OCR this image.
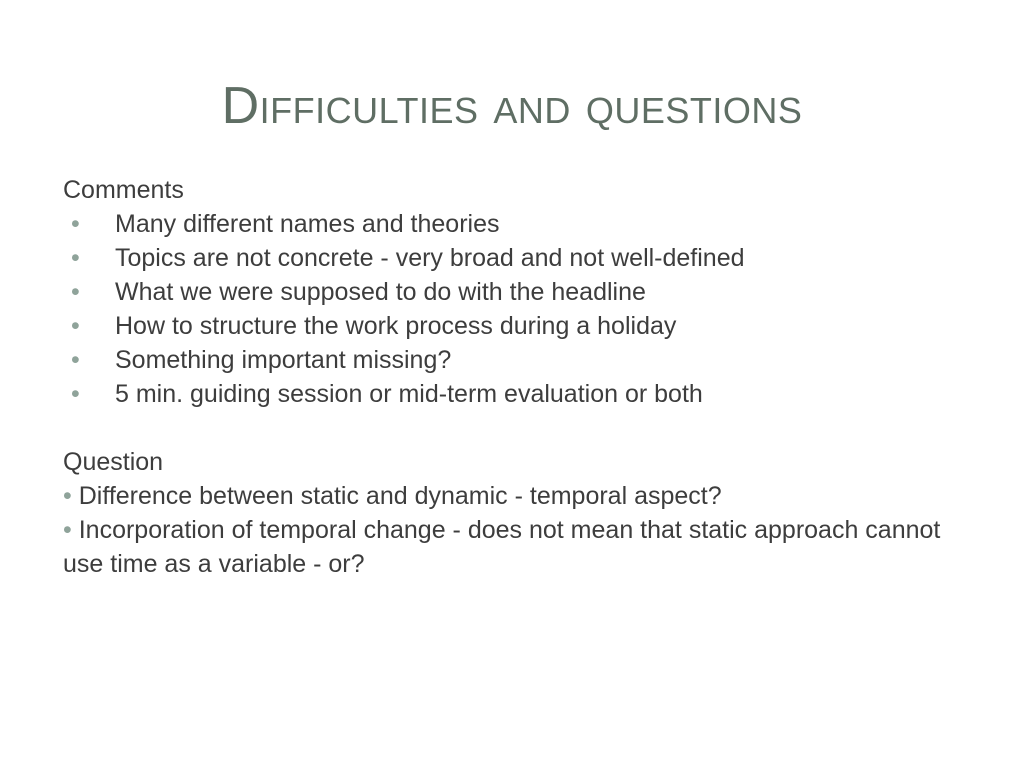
Difficulties and questions

Comments

• Many different names and theories
• Topics are not concrete - very broad and not well-defined
• What we were supposed to do with the headline
• How to structure the work process during a holiday
• Something important missing?
• 5 min. guiding session or mid-term evaluation or both

Question

• Difference between static and dynamic - temporal aspect?

• Incorporation of temporal change - does not mean that static approach cannot use time as a variable - or?
